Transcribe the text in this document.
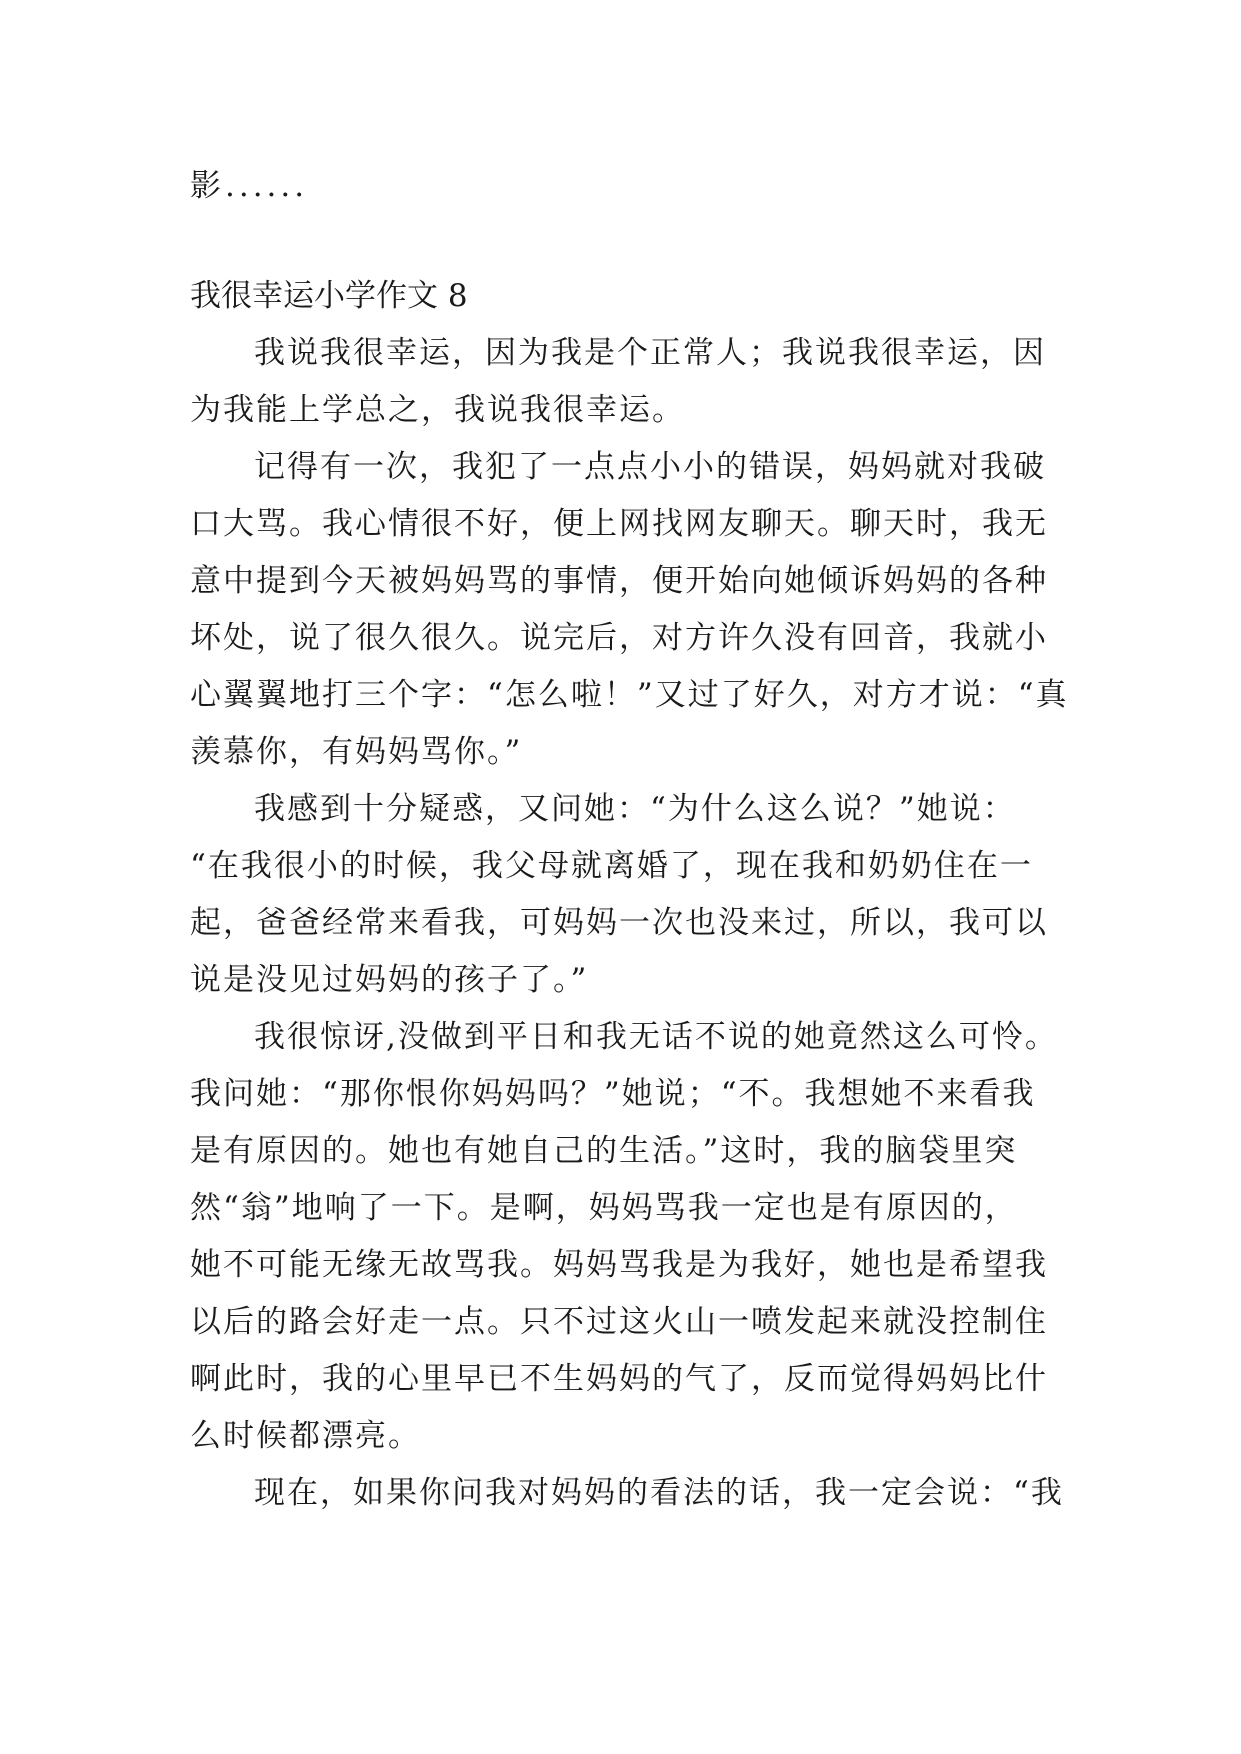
影......
我很幸运小学作文 8
我说我很幸运，因为我是个正常人；我说我很幸运，因
为我能上学总之，我说我很幸运。
记得有一次，我犯了一点点小小的错误，妈妈就对我破
口大骂。我心情很不好，便上网找网友聊天。聊天时，我无
意中提到今天被妈妈骂的事情，便开始向她倾诉妈妈的各种
坏处，说了很久很久。说完后，对方许久没有回音，我就小
心翼翼地打三个字：“怎么啦！”又过了好久，对方才说：“真
羡慕你，有妈妈骂你。”
我感到十分疑惑，又问她：“为什么这么说？”她说：
“在我很小的时候，我父母就离婚了，现在我和奶奶住在一
起，爸爸经常来看我，可妈妈一次也没来过，所以，我可以
说是没见过妈妈的孩子了。”
我很惊讶,没做到平日和我无话不说的她竟然这么可怜。
我问她：“那你恨你妈妈吗？”她说；“不。我想她不来看我
是有原因的。她也有她自己的生活。”这时，我的脑袋里突
然“翁”地响了一下。是啊，妈妈骂我一定也是有原因的，
她不可能无缘无故骂我。妈妈骂我是为我好，她也是希望我
以后的路会好走一点。只不过这火山一喷发起来就没控制住
啊此时，我的心里早已不生妈妈的气了，反而觉得妈妈比什
么时候都漂亮。
现在，如果你问我对妈妈的看法的话，我一定会说：“我
